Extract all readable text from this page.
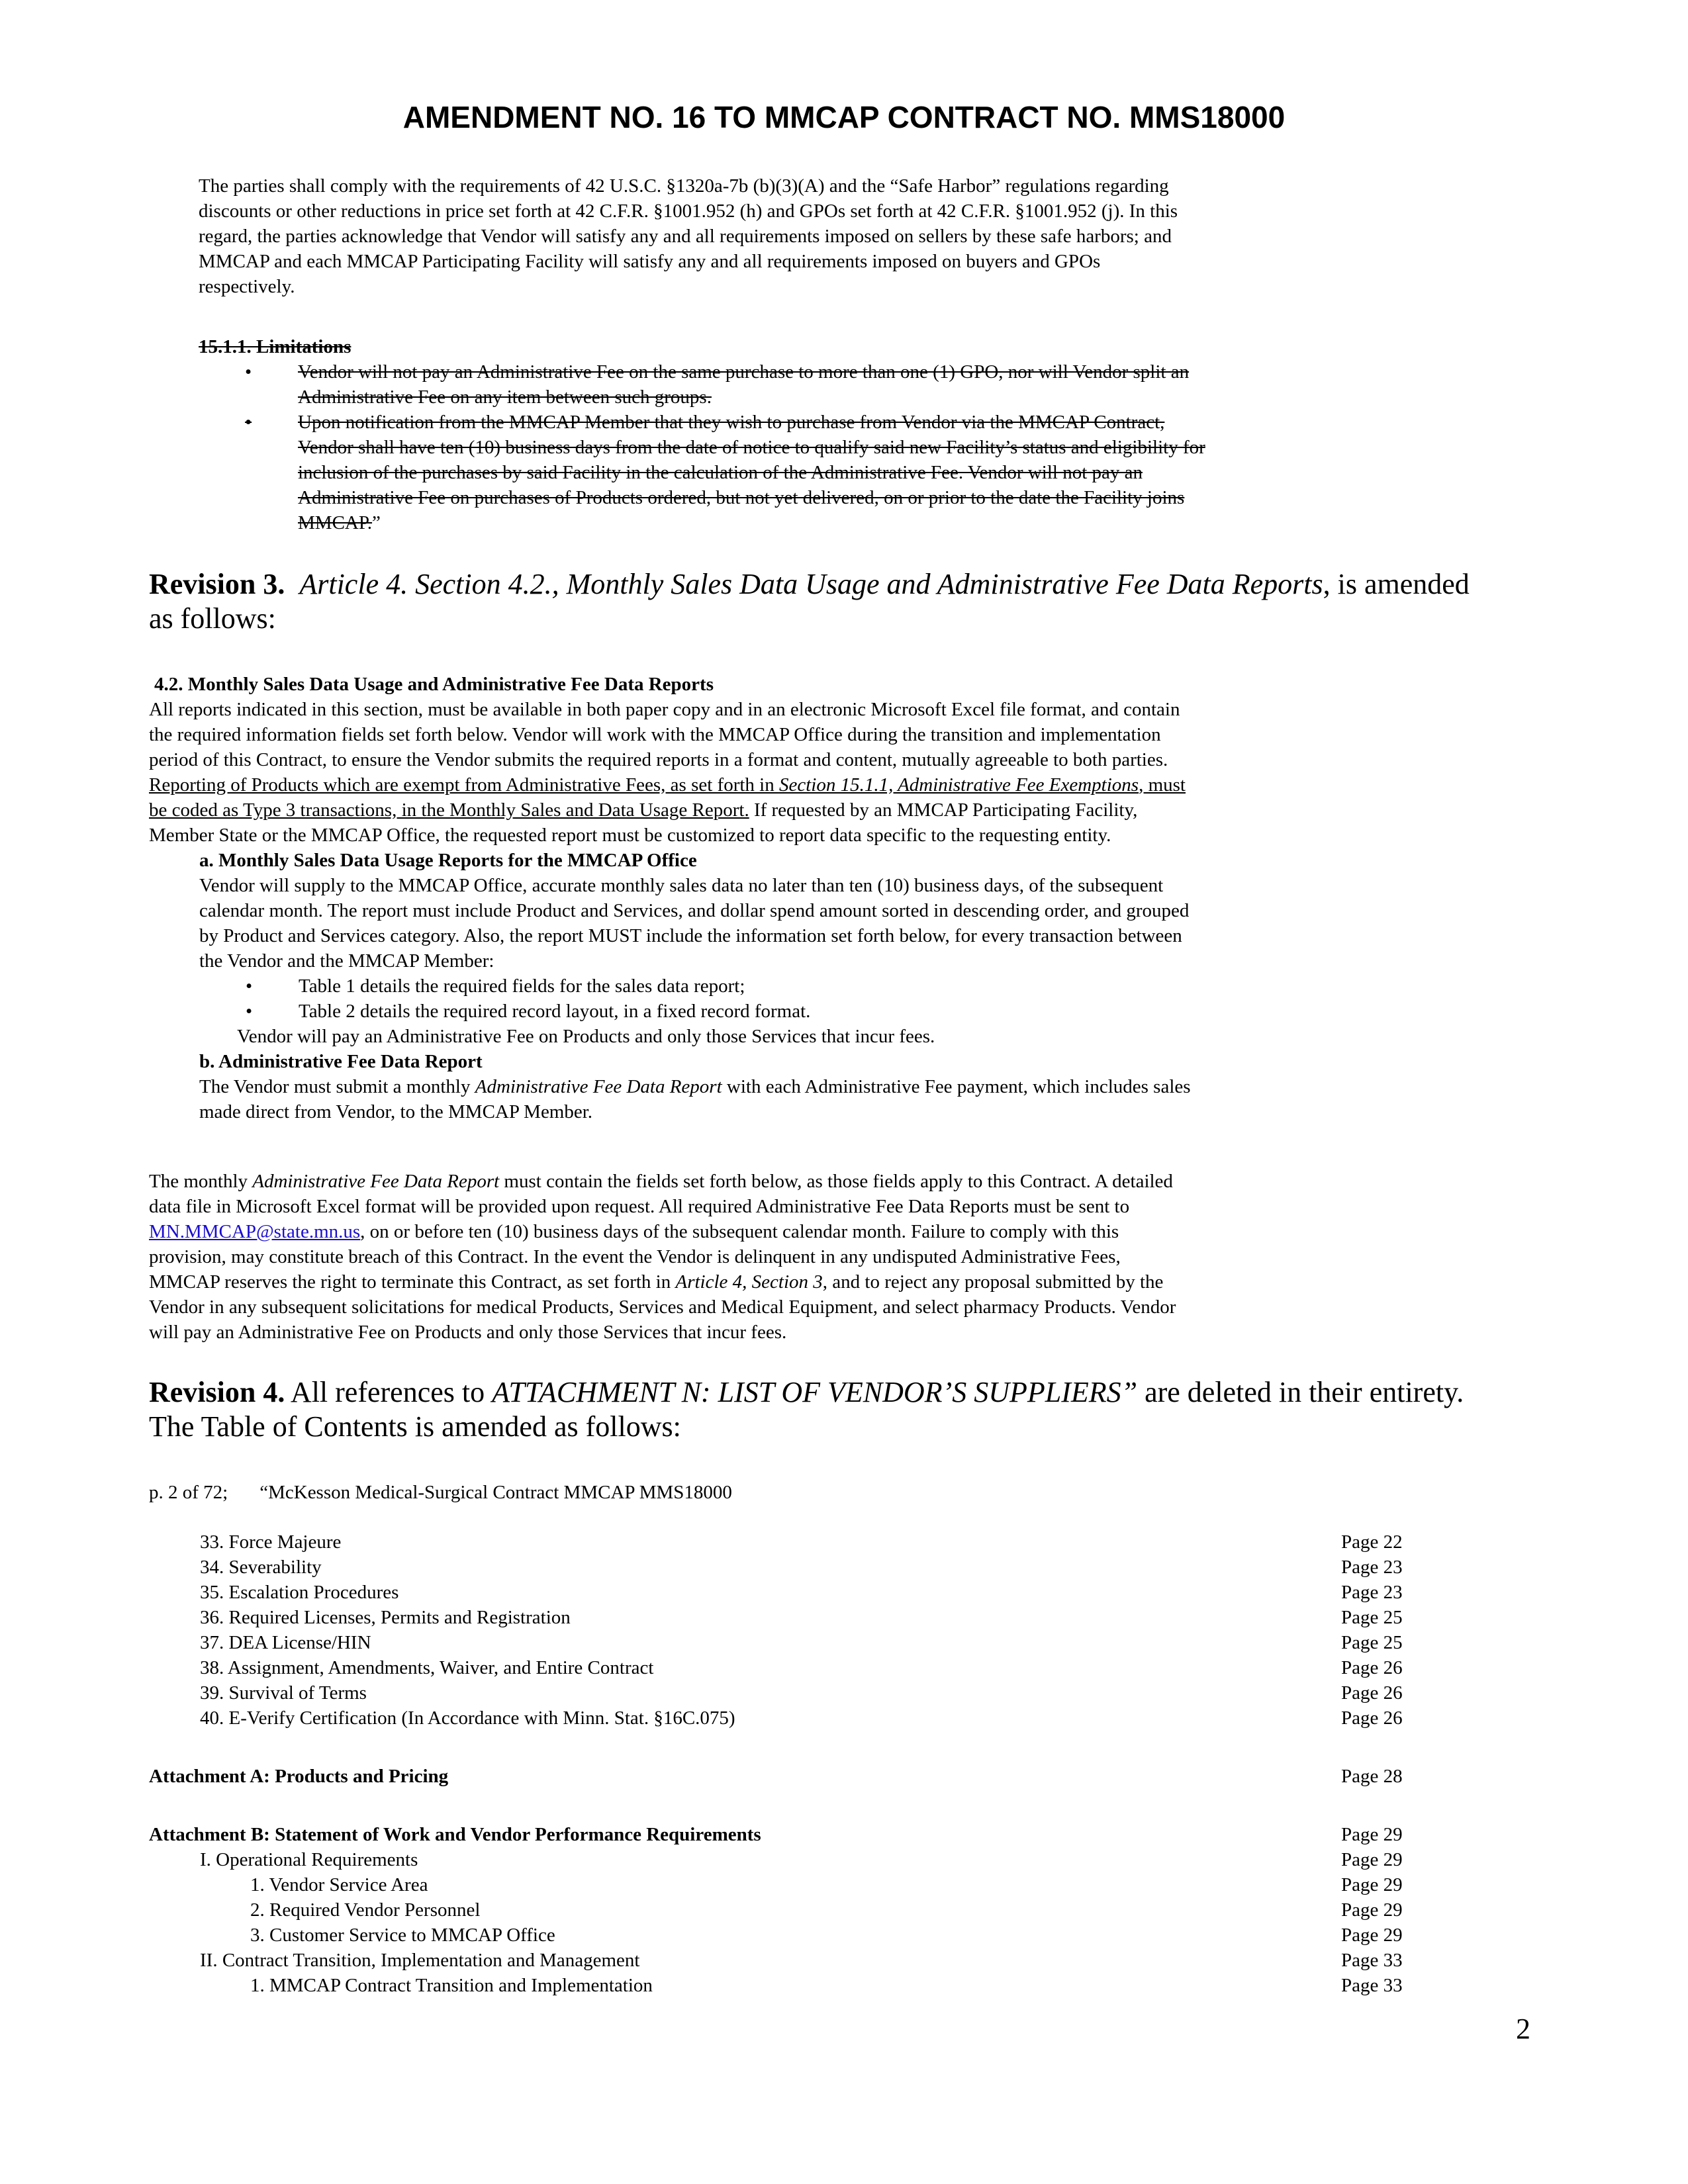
AMENDMENT NO. 16 TO MMCAP CONTRACT NO. MMS18000
The parties shall comply with the requirements of 42 U.S.C. §1320a-7b (b)(3)(A) and the “Safe Harbor” regulations regarding
discounts or other reductions in price set forth at 42 C.F.R. §1001.952 (h) and GPOs set forth at 42 C.F.R. §1001.952 (j). In this
regard, the parties acknowledge that Vendor will satisfy any and all requirements imposed on sellers by these safe harbors; and
MMCAP and each MMCAP Participating Facility will satisfy any and all requirements imposed on buyers and GPOs
respectively.
15.1.1. Limitations
• Vendor will not pay an Administrative Fee on the same purchase to more than one (1) GPO, nor will Vendor split an
Administrative Fee on any item between such groups.
• Upon notification from the MMCAP Member that they wish to purchase from Vendor via the MMCAP Contract,
Vendor shall have ten (10) business days from the date of notice to qualify said new Facility’s status and eligibility for
inclusion of the purchases by said Facility in the calculation of the Administrative Fee. Vendor will not pay an
Administrative Fee on purchases of Products ordered, but not yet delivered, on or prior to the date the Facility joins
MMCAP.”
Revision 3. Article 4. Section 4.2., Monthly Sales Data Usage and Administrative Fee Data Reports, is amended
as follows:
4.2. Monthly Sales Data Usage and Administrative Fee Data Reports
All reports indicated in this section, must be available in both paper copy and in an electronic Microsoft Excel file format, and contain
the required information fields set forth below. Vendor will work with the MMCAP Office during the transition and implementation
period of this Contract, to ensure the Vendor submits the required reports in a format and content, mutually agreeable to both parties.
Reporting of Products which are exempt from Administrative Fees, as set forth in Section 15.1.1, Administrative Fee Exemptions, must
be coded as Type 3 transactions, in the Monthly Sales and Data Usage Report. If requested by an MMCAP Participating Facility,
Member State or the MMCAP Office, the requested report must be customized to report data specific to the requesting entity.
a. Monthly Sales Data Usage Reports for the MMCAP Office
Vendor will supply to the MMCAP Office, accurate monthly sales data no later than ten (10) business days, of the subsequent
calendar month. The report must include Product and Services, and dollar spend amount sorted in descending order, and grouped
by Product and Services category. Also, the report MUST include the information set forth below, for every transaction between
the Vendor and the MMCAP Member:
• Table 1 details the required fields for the sales data report;
• Table 2 details the required record layout, in a fixed record format.
Vendor will pay an Administrative Fee on Products and only those Services that incur fees.
b. Administrative Fee Data Report
The Vendor must submit a monthly Administrative Fee Data Report with each Administrative Fee payment, which includes sales
made direct from Vendor, to the MMCAP Member.
The monthly Administrative Fee Data Report must contain the fields set forth below, as those fields apply to this Contract. A detailed
data file in Microsoft Excel format will be provided upon request. All required Administrative Fee Data Reports must be sent to
MN.MMCAP@state.mn.us, on or before ten (10) business days of the subsequent calendar month. Failure to comply with this
provision, may constitute breach of this Contract. In the event the Vendor is delinquent in any undisputed Administrative Fees,
MMCAP reserves the right to terminate this Contract, as set forth in Article 4, Section 3, and to reject any proposal submitted by the
Vendor in any subsequent solicitations for medical Products, Services and Medical Equipment, and select pharmacy Products. Vendor
will pay an Administrative Fee on Products and only those Services that incur fees.
Revision 4. All references to ATTACHMENT N: LIST OF VENDOR’S SUPPLIERS” are deleted in their entirety.
The Table of Contents is amended as follows:
p. 2 of 72; “McKesson Medical-Surgical Contract MMCAP MMS18000
33. Force Majeure	Page 22
34. Severability	Page 23
35. Escalation Procedures	Page 23
36. Required Licenses, Permits and Registration	Page 25
37. DEA License/HIN	Page 25
38. Assignment, Amendments, Waiver, and Entire Contract	Page 26
39. Survival of Terms	Page 26
40. E-Verify Certification (In Accordance with Minn. Stat. §16C.075)	Page 26
Attachment A: Products and Pricing	Page 28
Attachment B: Statement of Work and Vendor Performance Requirements	Page 29
I. Operational Requirements	Page 29
1. Vendor Service Area	Page 29
2. Required Vendor Personnel	Page 29
3. Customer Service to MMCAP Office	Page 29
II. Contract Transition, Implementation and Management	Page 33
1. MMCAP Contract Transition and Implementation	Page 33
2
